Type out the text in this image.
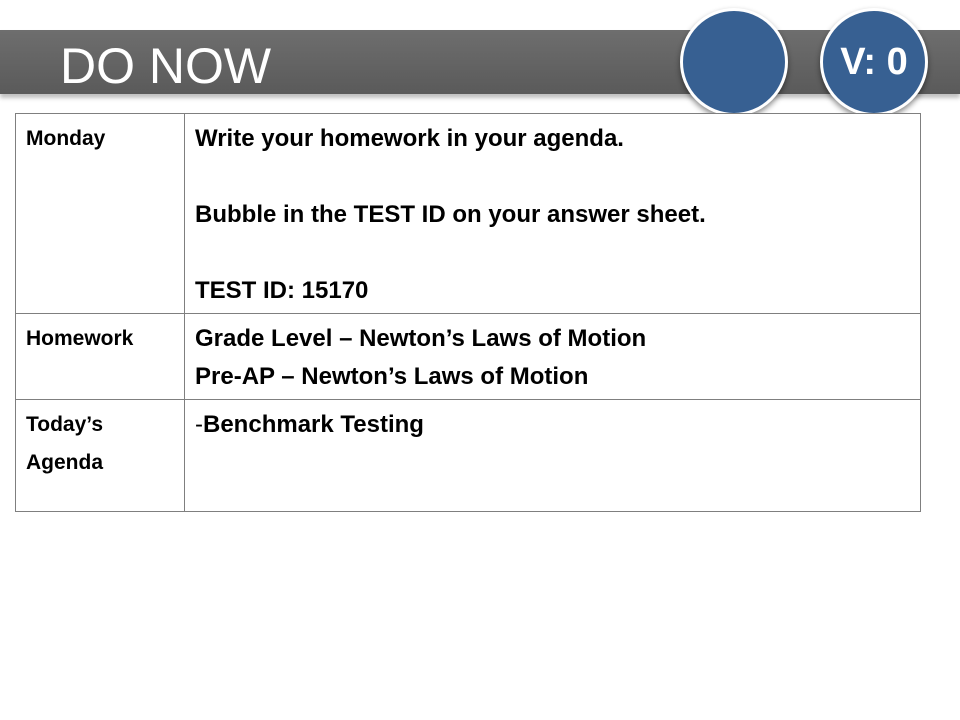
DO NOW	V: 0
Monday	Write your homework in your agenda.
Bubble in the TEST ID on your answer sheet.
TEST ID: 15170

Homework	Grade Level – Newton’s Laws of Motion
Pre-AP – Newton’s Laws of Motion

Today’s
Agenda	-Benchmark Testing
